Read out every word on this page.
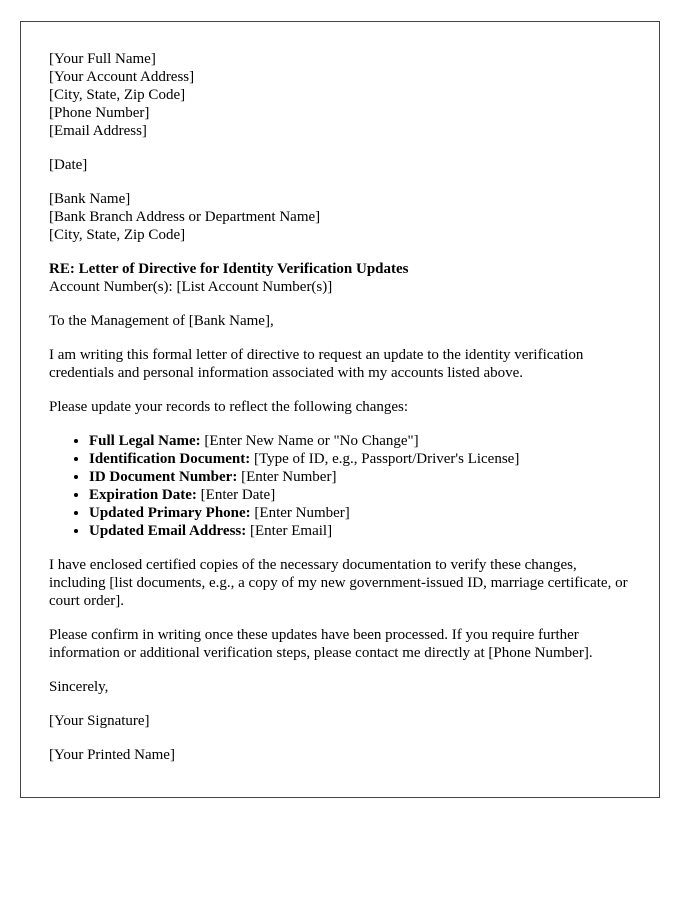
[Your Full Name]
[Your Account Address]
[City, State, Zip Code]
[Phone Number]
[Email Address]
[Date]
[Bank Name]
[Bank Branch Address or Department Name]
[City, State, Zip Code]
RE: Letter of Directive for Identity Verification Updates
Account Number(s): [List Account Number(s)]

To the Management of [Bank Name],

I am writing this formal letter of directive to request an update to the identity verification credentials and personal information associated with my accounts listed above.

Please update your records to reflect the following changes:

• Full Legal Name: [Enter New Name or "No Change"]
• Identification Document: [Type of ID, e.g., Passport/Driver's License]
• ID Document Number: [Enter Number]
• Expiration Date: [Enter Date]
• Updated Primary Phone: [Enter Number]
• Updated Email Address: [Enter Email]

I have enclosed certified copies of the necessary documentation to verify these changes, including [list documents, e.g., a copy of my new government-issued ID, marriage certificate, or court order].

Please confirm in writing once these updates have been processed. If you require further information or additional verification steps, please contact me directly at [Phone Number].

Sincerely,

[Your Signature]

[Your Printed Name]
